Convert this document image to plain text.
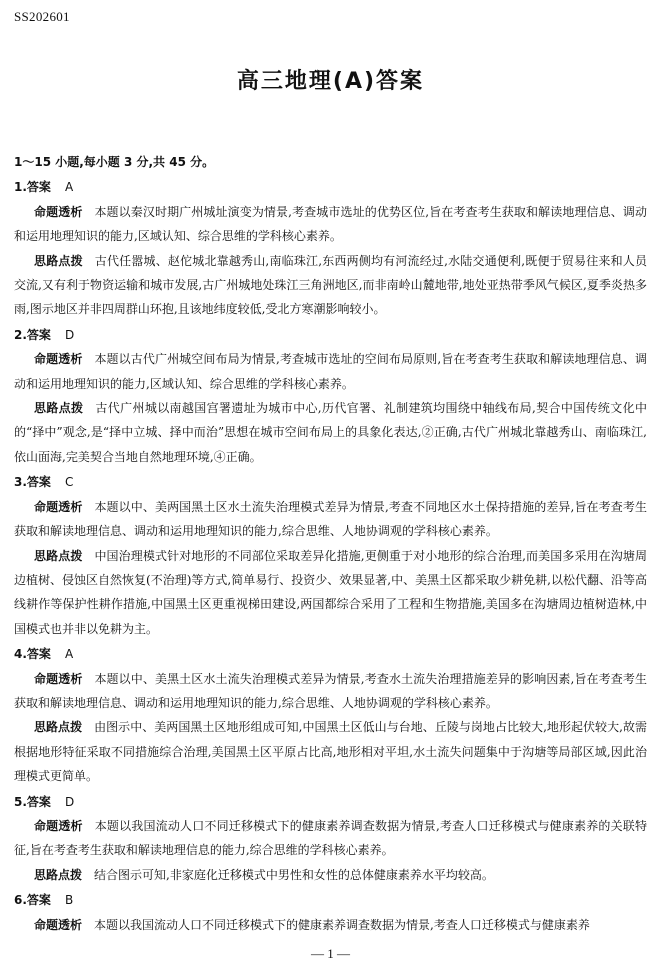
SS202601
高三地理(A)答案
1～15 小题,每小题 3 分,共 45 分。
1.答案 A
命题透析 本题以秦汉时期广州城址演变为情景,考查城市选址的优势区位,旨在考查考生获取和解读地理信息、调动和运用地理知识的能力,区域认知、综合思维的学科核心素养。
思路点拨 古代任嚣城、赵佗城北靠越秀山,南临珠江,东西两侧均有河流经过,水陆交通便利,既便于贸易往来和人员交流,又有利于物资运输和城市发展,古广州城地处珠江三角洲地区,而非南岭山麓地带,地处亚热带季风气候区,夏季炎热多雨,图示地区并非四周群山环抱,且该地纬度较低,受北方寒潮影响较小。
2.答案 D
命题透析 本题以古代广州城空间布局为情景,考查城市选址的空间布局原则,旨在考查考生获取和解读地理信息、调动和运用地理知识的能力,区域认知、综合思维的学科核心素养。
思路点拨 古代广州城以南越国宫署遗址为城市中心,历代官署、礼制建筑均围绕中轴线布局,契合中国传统文化中的“择中”观念,是“择中立城、择中而治”思想在城市空间布局上的具象化表达,②正确,古代广州城北靠越秀山、南临珠江,依山面海,完美契合当地自然地理环境,④正确。
3.答案 C
命题透析 本题以中、美两国黑土区水土流失治理模式差异为情景,考查不同地区水土保持措施的差异,旨在考查考生获取和解读地理信息、调动和运用地理知识的能力,综合思维、人地协调观的学科核心素养。
思路点拨 中国治理模式针对地形的不同部位采取差异化措施,更侧重于对小地形的综合治理,而美国多采用在沟塘周边植树、侵蚀区自然恢复(不治理)等方式,简单易行、投资少、效果显著,中、美黑土区都采取少耕免耕,以松代翻、沿等高线耕作等保护性耕作措施,中国黑土区更重视梯田建设,两国都综合采用了工程和生物措施,美国多在沟塘周边植树造林,中国模式也并非以免耕为主。
4.答案 A
命题透析 本题以中、美黑土区水土流失治理模式差异为情景,考查水土流失治理措施差异的影响因素,旨在考查考生获取和解读地理信息、调动和运用地理知识的能力,综合思维、人地协调观的学科核心素养。
思路点拨 由图示中、美两国黑土区地形组成可知,中国黑土区低山与台地、丘陵与岗地占比较大,地形起伏较大,故需根据地形特征采取不同措施综合治理,美国黑土区平原占比高,地形相对平坦,水土流失问题集中于沟塘等局部区域,因此治理模式更简单。
5.答案 D
命题透析 本题以我国流动人口不同迁移模式下的健康素养调查数据为情景,考查人口迁移模式与健康素养的关联特征,旨在考查考生获取和解读地理信息的能力,综合思维的学科核心素养。
思路点拨 结合图示可知,非家庭化迁移模式中男性和女性的总体健康素养水平均较高。
6.答案 B
命题透析 本题以我国流动人口不同迁移模式下的健康素养调查数据为情景,考查人口迁移模式与健康素养
— 1 —
